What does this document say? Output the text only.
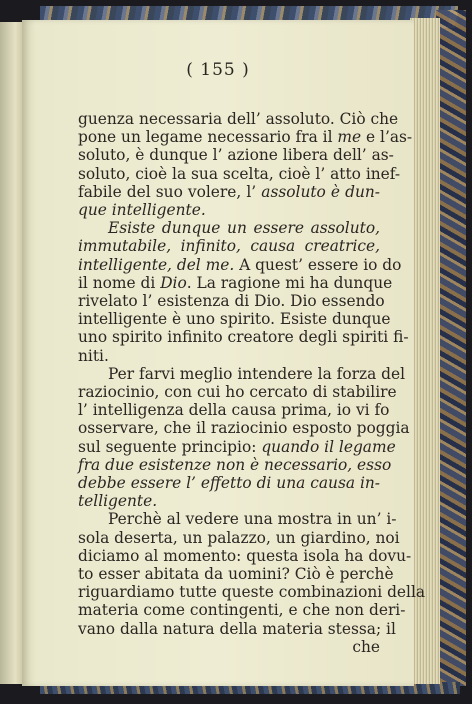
( 155 )
guenza necessaria dell’ assoluto. Ciò che
pone un legame necessario fra il me e l’as-
soluto, è dunque l’ azione libera dell’ as-
soluto, cioè la sua scelta, cioè l’ atto inef-
fabile del suo volere, l’ assoluto è dun-
que intelligente.
Esiste dunque un essere assoluto,
immutabile, infinito, causa creatrice,
intelligente, del me. A quest’ essere io do
il nome di Dio. La ragione mi ha dunque
rivelato l’ esistenza di Dio. Dio essendo
intelligente è uno spirito. Esiste dunque
uno spirito infinito creatore degli spiriti fi-
niti.
Per farvi meglio intendere la forza del
raziocinio, con cui ho cercato di stabilire
l’ intelligenza della causa prima, io vi fo
osservare, che il raziocinio esposto poggia
sul seguente principio: quando il legame
fra due esistenze non è necessario, esso
debbe essere l’ effetto di una causa in-
telligente.
Perchè al vedere una mostra in un’ i-
sola deserta, un palazzo, un giardino, noi
diciamo al momento: questa isola ha dovu-
to esser abitata da uomini? Ciò è perchè
riguardiamo tutte queste combinazioni della
materia come contingenti, e che non deri-
vano dalla natura della materia stessa; il
che
